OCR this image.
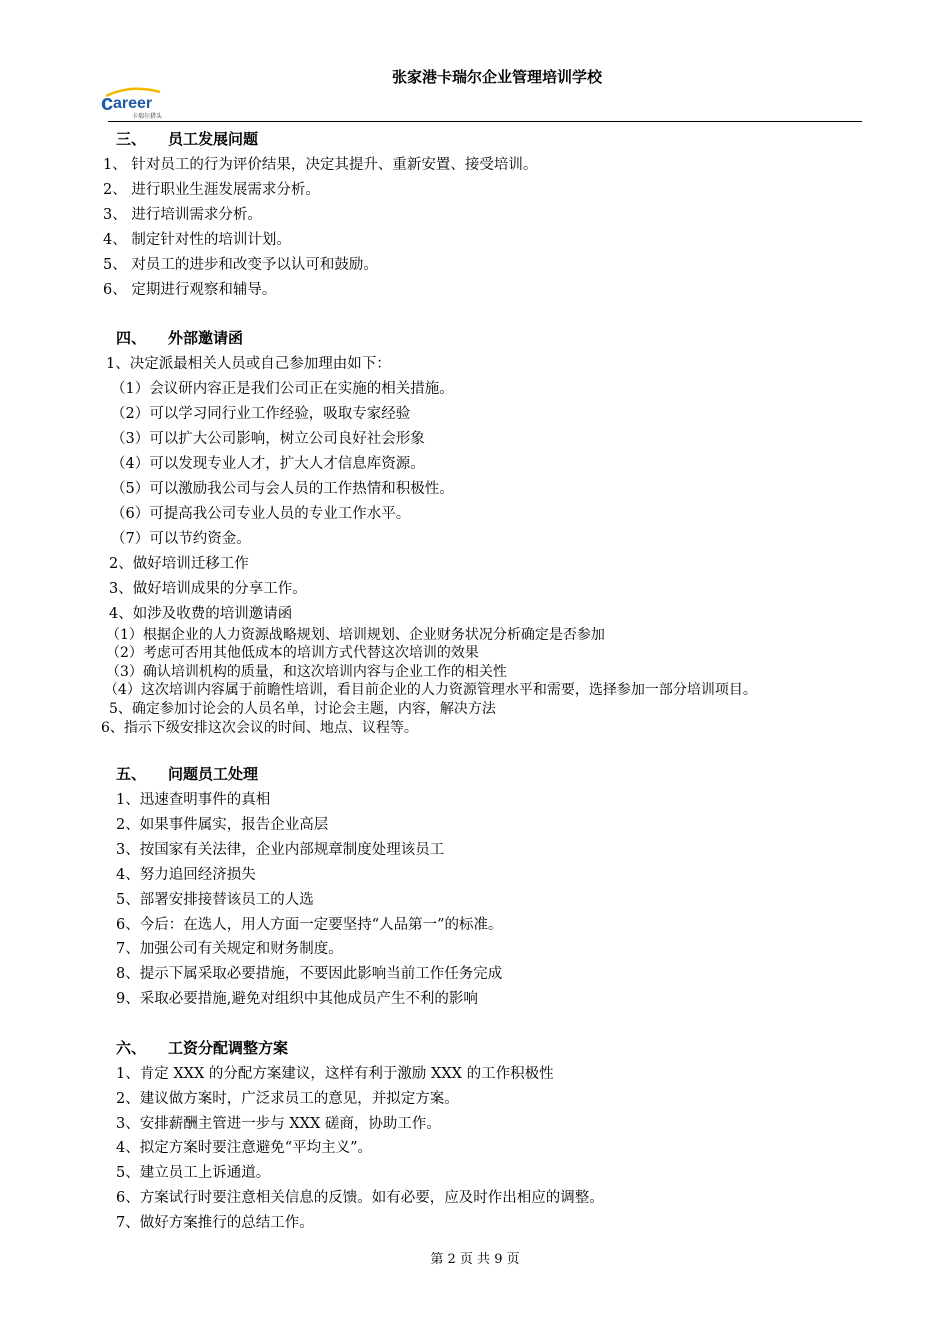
张家港卡瑞尔企业管理培训学校
c areer
卡瑞尔猎头
三、 员工发展问题
1、 针对员工的行为评价结果，决定其提升、重新安置、接受培训。
2、 进行职业生涯发展需求分析。
3、 进行培训需求分析。
4、 制定针对性的培训计划。
5、 对员工的进步和改变予以认可和鼓励。
6、 定期进行观察和辅导。
四、 外部邀请函
1、决定派最相关人员或自己参加理由如下：
（1）会议研内容正是我们公司正在实施的相关措施。
（2）可以学习同行业工作经验，吸取专家经验
（3）可以扩大公司影响，树立公司良好社会形象
（4）可以发现专业人才，扩大人才信息库资源。
（5）可以激励我公司与会人员的工作热情和积极性。
（6）可提高我公司专业人员的专业工作水平。
（7）可以节约资金。
2、做好培训迁移工作
3、做好培训成果的分享工作。
4、如涉及收费的培训邀请函
（1）根据企业的人力资源战略规划、培训规划、企业财务状况分析确定是否参加
（2）考虑可否用其他低成本的培训方式代替这次培训的效果
（3）确认培训机构的质量，和这次培训内容与企业工作的相关性
（4）这次培训内容属于前瞻性培训，看目前企业的人力资源管理水平和需要，选择参加一部分培训项目。
5、确定参加讨论会的人员名单，讨论会主题，内容，解决方法
6、指示下级安排这次会议的时间、地点、议程等。
五、 问题员工处理
1、迅速查明事件的真相
2、如果事件属实，报告企业高层
3、按国家有关法律，企业内部规章制度处理该员工
4、努力追回经济损失
5、部署安排接替该员工的人选
6、今后：在选人，用人方面一定要坚持“人品第一”的标准。
7、加强公司有关规定和财务制度。
8、提示下属采取必要措施，不要因此影响当前工作任务完成
9、采取必要措施,避免对组织中其他成员产生不利的影响
六、 工资分配调整方案
1、肯定 XXX 的分配方案建议，这样有利于激励 XXX 的工作积极性
2、建议做方案时，广泛求员工的意见，并拟定方案。
3、安排薪酬主管进一步与 XXX 磋商，协助工作。
4、拟定方案时要注意避免“平均主义”。
5、建立员工上诉通道。
6、方案试行时要注意相关信息的反馈。如有必要，应及时作出相应的调整。
7、做好方案推行的总结工作。
第 2 页 共 9 页
